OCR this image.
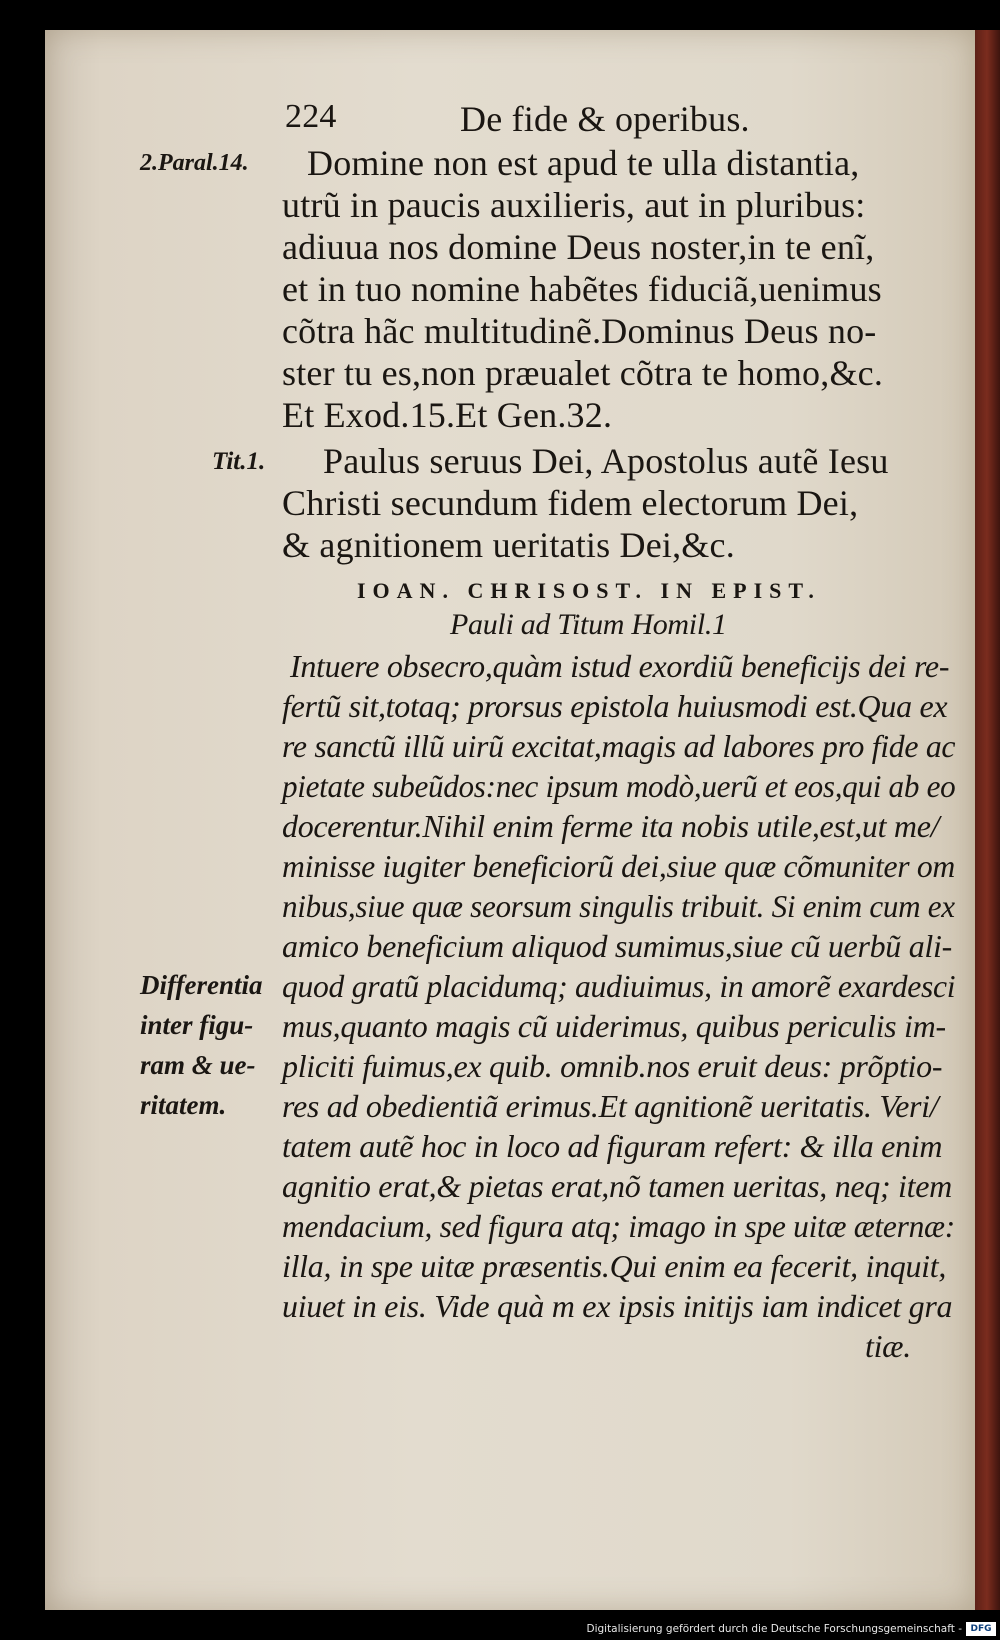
224	De fide & operibus.
2.Paral.14.
Tit.1.
Domine non est apud te ulla distantia,
utrũ in paucis auxilieris, aut in pluribus:
adiuua nos domine Deus noster,in te enĩ,
et in tuo nomine habẽtes fiduciã,uenimus
cõtra hãc multitudinẽ.Dominus Deus no-
ster tu es,non præualet cõtra te homo,&c.
Et Exod.15.Et Gen.32.
Paulus seruus Dei, Apostolus autẽ Iesu
Christi secundum fidem electorum Dei,
& agnitionem ueritatis Dei,&c.
IOAN. CHRISOST. IN EPIST.
Pauli ad Titum Homil.1
Intuere obsecro,quàm istud exordiũ beneficijs dei re-
fertũ sit,totaq; prorsus epistola huiusmodi est.Qua ex
re sanctũ illũ uirũ excitat,magis ad labores pro fide ac
pietate subeũdos:nec ipsum modò,uerũ et eos,qui ab eo
docerentur.Nihil enim ferme ita nobis utile,est,ut me/
minisse iugiter beneficiorũ dei,siue quæ cõmuniter om
nibus,siue quæ seorsum singulis tribuit. Si enim cum ex
amico beneficium aliquod sumimus,siue cũ uerbũ ali-
quod gratũ placidumq; audiuimus, in amorẽ exardesci
mus,quanto magis cũ uiderimus, quibus periculis im-
pliciti fuimus,ex quib. omnib.nos eruit deus: prõptio-
res ad obedientiã erimus.Et agnitionẽ ueritatis. Veri/
tatem autẽ hoc in loco ad figuram refert: & illa enim
agnitio erat,& pietas erat,nõ tamen ueritas, neq; item
mendacium, sed figura atq; imago in spe uitæ æternæ:
illa, in spe uitæ præsentis.Qui enim ea fecerit, inquit,
uiuet in eis. Vide quà m ex ipsis initijs iam indicet gra
tiæ.
Differentia
inter figu-
ram & ue-
ritatem.
Digitalisierung gefördert durch die Deutsche Forschungsgemeinschaft - DFG
